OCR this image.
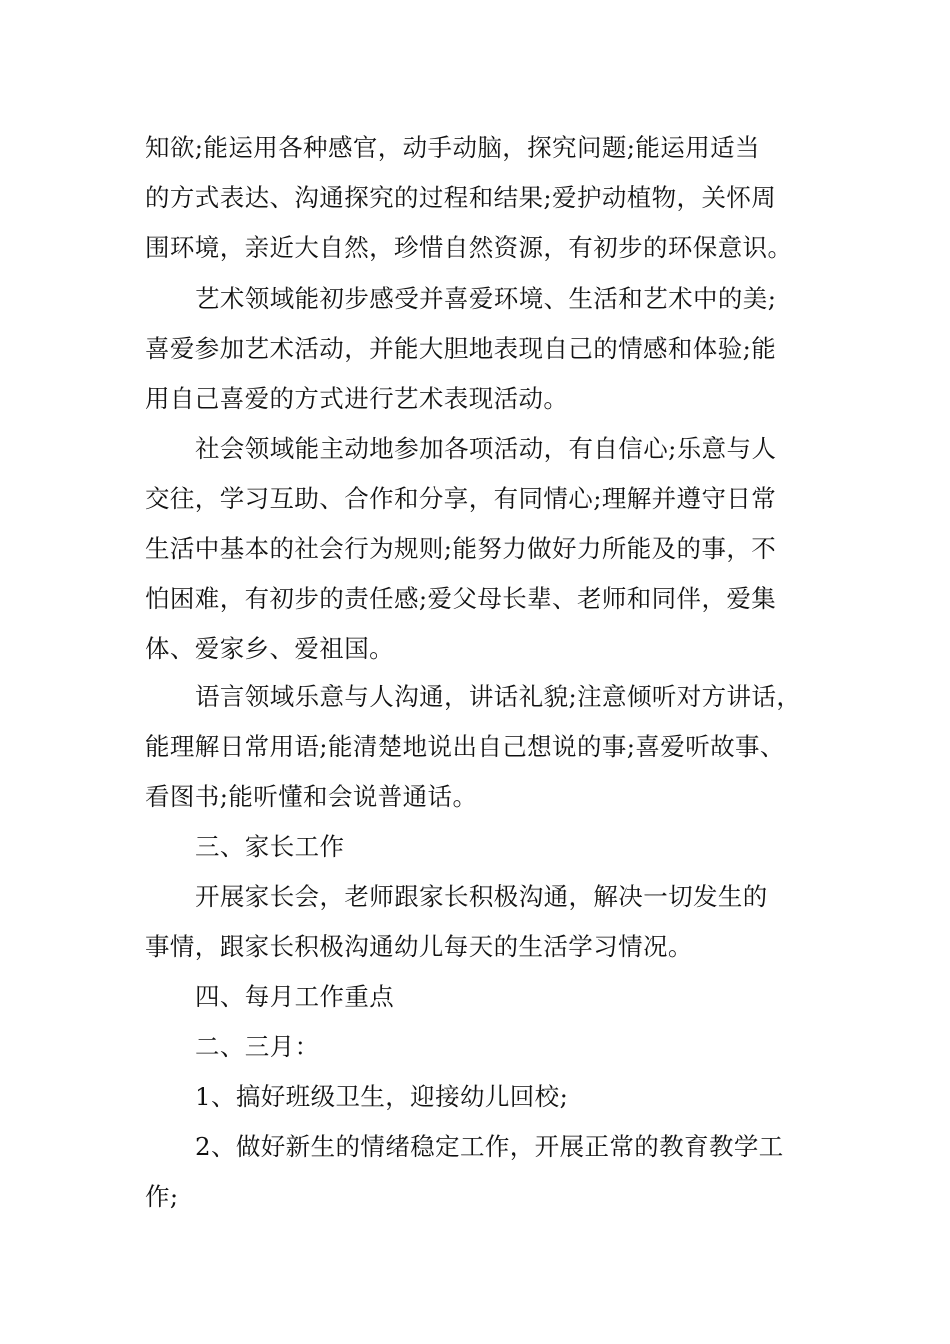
知欲;能运用各种感官，动手动脑，探究问题;能运用适当
的方式表达、沟通探究的过程和结果;爱护动植物，关怀周
围环境，亲近大自然，珍惜自然资源，有初步的环保意识。
艺术领域能初步感受并喜爱环境、生活和艺术中的美;
喜爱参加艺术活动，并能大胆地表现自己的情感和体验;能
用自己喜爱的方式进行艺术表现活动。
社会领域能主动地参加各项活动，有自信心;乐意与人
交往，学习互助、合作和分享，有同情心;理解并遵守日常
生活中基本的社会行为规则;能努力做好力所能及的事，不
怕困难，有初步的责任感;爱父母长辈、老师和同伴，爱集
体、爱家乡、爱祖国。
语言领域乐意与人沟通，讲话礼貌;注意倾听对方讲话，
能理解日常用语;能清楚地说出自己想说的事;喜爱听故事、
看图书;能听懂和会说普通话。
三、家长工作
开展家长会，老师跟家长积极沟通，解决一切发生的
事情，跟家长积极沟通幼儿每天的生活学习情况。
四、每月工作重点
二、三月：
1、搞好班级卫生，迎接幼儿回校;
2、做好新生的情绪稳定工作，开展正常的教育教学工
作;
